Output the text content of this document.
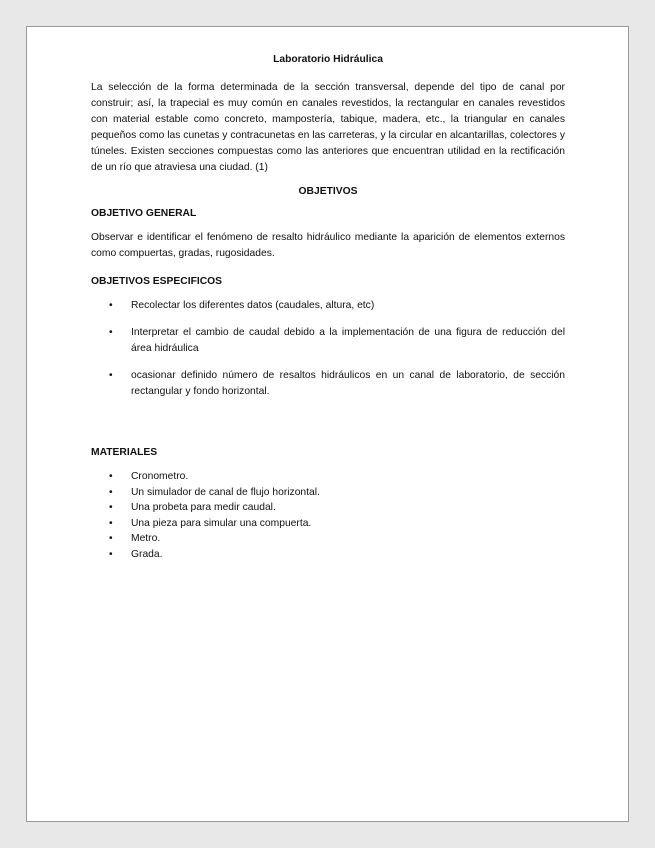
Laboratorio Hidráulica

La selección de la forma determinada de la sección transversal, depende del tipo de canal por construir; así, la trapecial es muy común en canales revestidos, la rectangular en canales revestidos con material estable como concreto, mampostería, tabique, madera, etc., la triangular en canales pequeños como las cunetas y contracunetas en las carreteras, y la circular en alcantarillas, colectores y túneles. Existen secciones compuestas como las anteriores que encuentran utilidad en la rectificación de un río que atraviesa una ciudad. (1)

OBJETIVOS
OBJETIVO GENERAL

Observar e identificar el fenómeno de resalto hidráulico mediante la aparición de elementos externos como compuertas, gradas, rugosidades.

OBJETIVOS ESPECIFICOS
• Recolectar los diferentes datos (caudales, altura, etc)
• Interpretar el cambio de caudal debido a la implementación de una figura de reducción del área hidráulica
• ocasionar definido número de resaltos hidráulicos en un canal de laboratorio, de sección rectangular y fondo horizontal.
MATERIALES
• Cronometro.
• Un simulador de canal de flujo horizontal.
• Una probeta para medir caudal.
• Una pieza para simular una compuerta.
• Metro.
• Grada.
